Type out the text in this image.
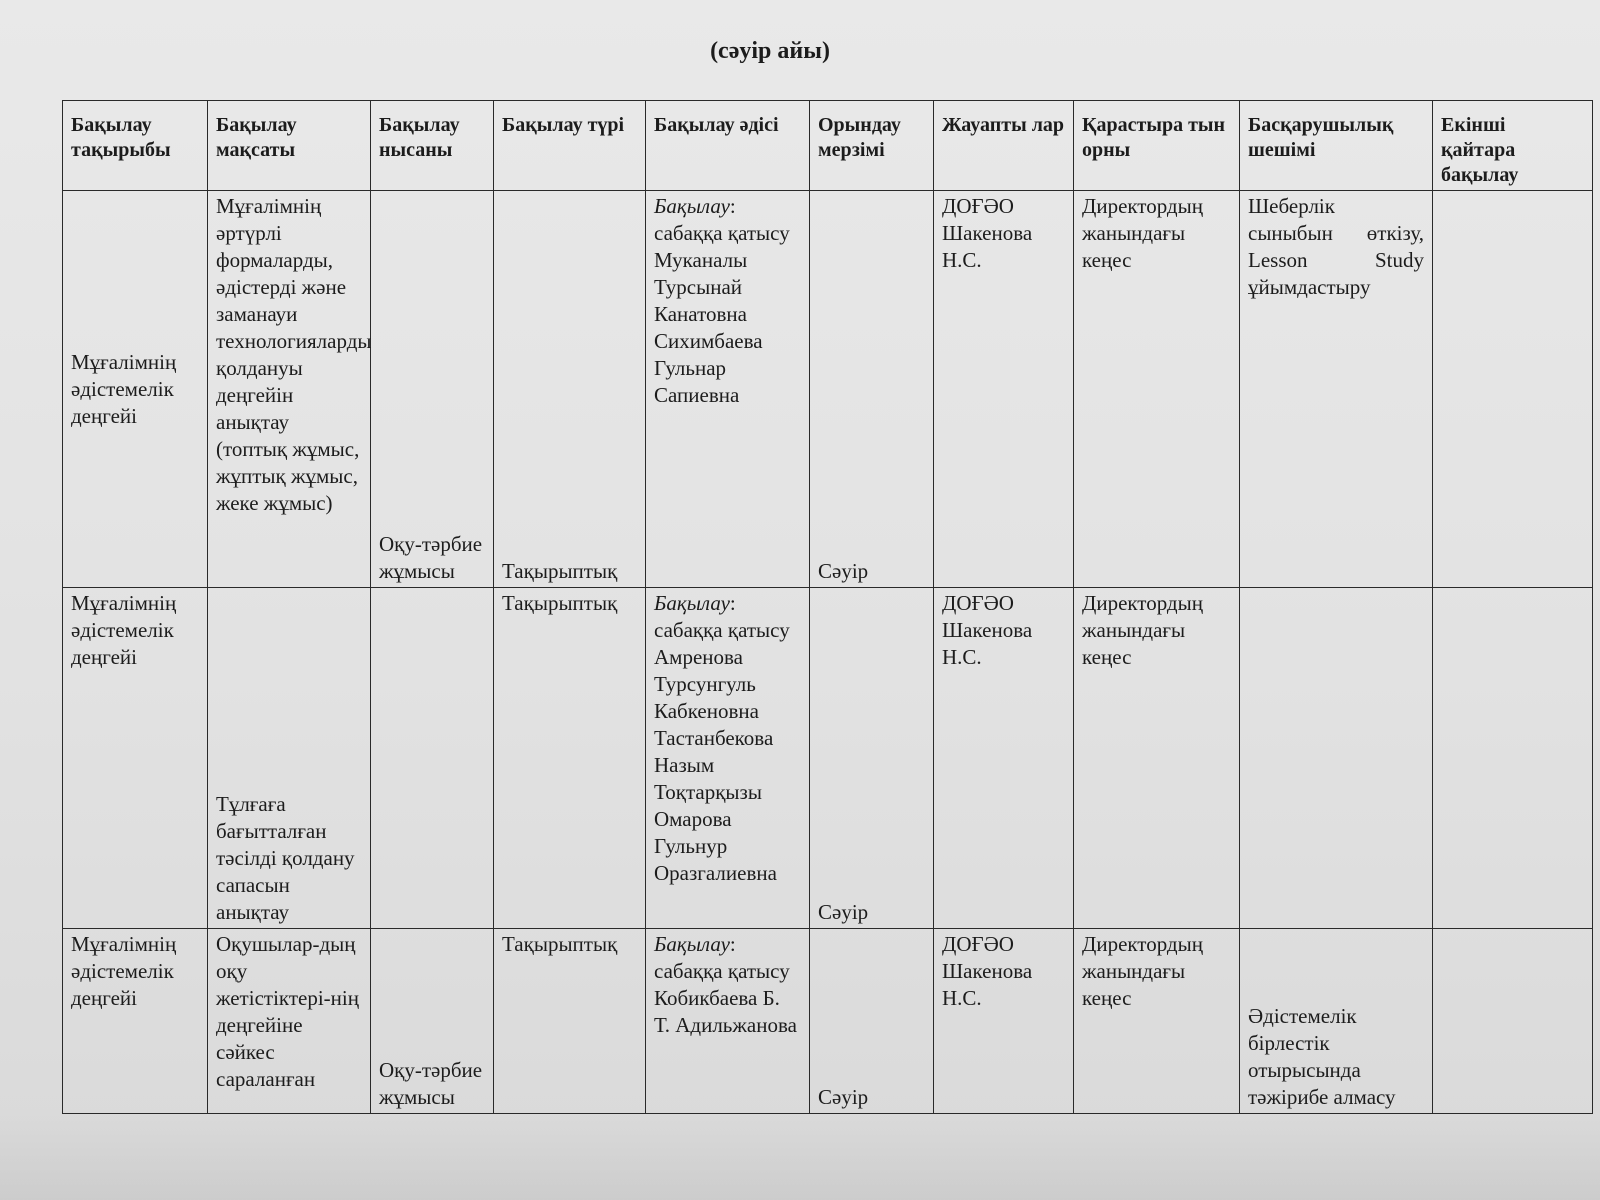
(сәуір айы)
Бақылау тақырыбы	Бақылау мақсаты	Бақылау нысаны	Бақылау түрі	Бақылау әдісі	Орындау мерзімі	Жауапты лар	Қарастыра тын орны	Басқарушылық шешімі	Екінші қайтара бақылау
Мұғалімнің әдістемелік деңгейі	Мұғалімнің әртүрлі формаларды, әдістерді және заманауи технологияларды қолдануы деңгейін анықтау (топтық жұмыс, жұптық жұмыс, жеке жұмыс)	Оқу-тәрбие жұмысы	Тақырыптық	Бақылау:
сабаққа қатысу Муканалы Турсынай Канатовна Сихимбаева Гульнар Сапиевна	Сәуір	ДОҒӘО Шакенова Н.С.	Директордың жанындағы кеңес	Шеберлік сыныбын өткізу, Lesson Study ұйымдастыру	
Мұғалімнің әдістемелік деңгейі	Тұлғаға бағытталған тәсілді қолдану сапасын анықтау		Тақырыптық	Бақылау:
сабаққа қатысу Амренова Турсунгуль Кабкеновна Тастанбекова Назым Тоқтарқызы Омарова Гульнур Оразгалиевна	Сәуір	ДОҒӘО Шакенова Н.С.	Директордың жанындағы кеңес		
Мұғалімнің әдістемелік деңгейі	Оқушылар-дың оқу жетістіктері-нің деңгейіне сәйкес сараланған	Оқу-тәрбие жұмысы	Тақырыптық	Бақылау:
сабаққа қатысу Кобикбаева Б. Т. Адильжанова	Сәуір	ДОҒӘО Шакенова Н.С.	Директордың жанындағы кеңес	Әдістемелік бірлестік отырысында тәжірибе алмасу	
